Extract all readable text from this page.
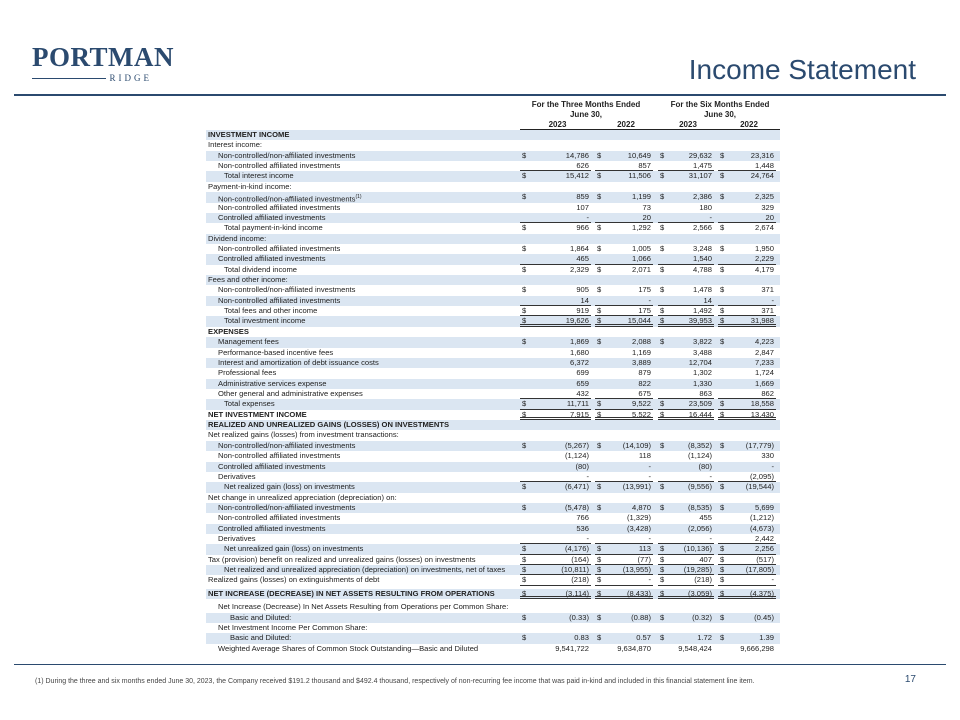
PORTMAN
RIDGE	Income Statement
For the Three Months Ended
June 30,
For the Six Months Ended
June 30,
2023	2022	2023	2022
INVESTMENT INCOME
Interest income:
Non-controlled/non-affiliated investments	$	14,786 $	10,649 $	29,632 $	23,316
Non-controlled affiliated investments	626	857	1,475	1,448
Total interest income	$	15,412 $	11,506 $	31,107 $	24,764
Payment-in-kind income:
Non-controlled/non-affiliated investments$^{(1)}$	$	859 $	1,199 $	2,386 $	2,325
Non-controlled affiliated investments	107	73	180	329
Controlled affiliated investments	-	20	-	20
Total payment-in-kind income	$	966 $	1,292 $	2,566 $	2,674
Dividend income:
Non-controlled affiliated investments	$	1,864 $	1,005 $	3,248 $	1,950
Controlled affiliated investments	465	1,066	1,540	2,229
Total dividend income	$	2,329 $	2,071 $	4,788 $	4,179
Fees and other income:
Non-controlled/non-affiliated investments	$	905 $	175 $	1,478 $	371
Non-controlled affiliated investments	14	-	14	-
Total fees and other income	$	919 $	175 $	1,492 $	371
Total investment income	$	19,626 $	15,044 $	39,953 $	31,988
EXPENSES
Management fees	$	1,869 $	2,088 $	3,822 $	4,223
Performance-based incentive fees	1,680	1,169	3,488	2,847
Interest and amortization of debt issuance costs	6,372	3,889	12,704	7,233
Professional fees	699	879	1,302	1,724
Administrative services expense	659	822	1,330	1,669
Other general and administrative expenses	432	675	863	862
Total expenses	$	11,711 $	9,522 $	23,509 $	18,558
NET INVESTMENT INCOME	$	7,915 $	5,522 $	16,444 $	13,430
REALIZED AND UNREALIZED GAINS (LOSSES) ON INVESTMENTS
Net realized gains (losses) from investment transactions:
Non-controlled/non-affiliated investments	$	(5,267) $	(14,109) $	(8,352) $	(17,779)
Non-controlled affiliated investments	(1,124)	118	(1,124)	330
Controlled affiliated investments	(80)	-	(80)	-
Derivatives	-	-	-	(2,095)
Net realized gain (loss) on investments	$	(6,471) $	(13,991) $	(9,556) $	(19,544)
Net change in unrealized appreciation (depreciation) on:
Non-controlled/non-affiliated investments	$	(5,478) $	4,870 $	(8,535) $	5,699
Non-controlled affiliated investments	766	(1,329)	455	(1,212)
Controlled affiliated investments	536	(3,428)	(2,056)	(4,673)
Derivatives	-	-	-	2,442
Net unrealized gain (loss) on investments	$	(4,176) $	113 $	(10,136) $	2,256
Tax (provision) benefit on realized and unrealized gains (losses) on investments	$	(164) $	(77) $	407 $	(517)
Net realized and unrealized appreciation (depreciation) on investments, net of taxes $	(10,811) $	(13,955) $	(19,285) $	(17,805)
Realized gains (losses) on extinguishments of debt	$	(218) $	- $	(218) $	-
NET INCREASE (DECREASE) IN NET ASSETS RESULTING FROM OPERATIONS	$	(3,114) $	(8,433) $	(3,059) $	(4,375)
Net Increase (Decrease) In Net Assets Resulting from Operations per Common Share:
Basic and Diluted:	$	(0.33) $	(0.88) $	(0.32) $	(0.45)
Net Investment Income Per Common Share:
Basic and Diluted:	$	0.83 $	0.57 $	1.72 $	1.39
Weighted Average Shares of Common Stock Outstanding—Basic and Diluted	9,541,722	9,634,870	9,548,424	9,666,298
(1) During the three and six months ended June 30, 2023, the Company received $191.2 thousand and $492.4 thousand, respectively of non-recurring fee income that was paid in-kind and included in this financial statement line item.	17
